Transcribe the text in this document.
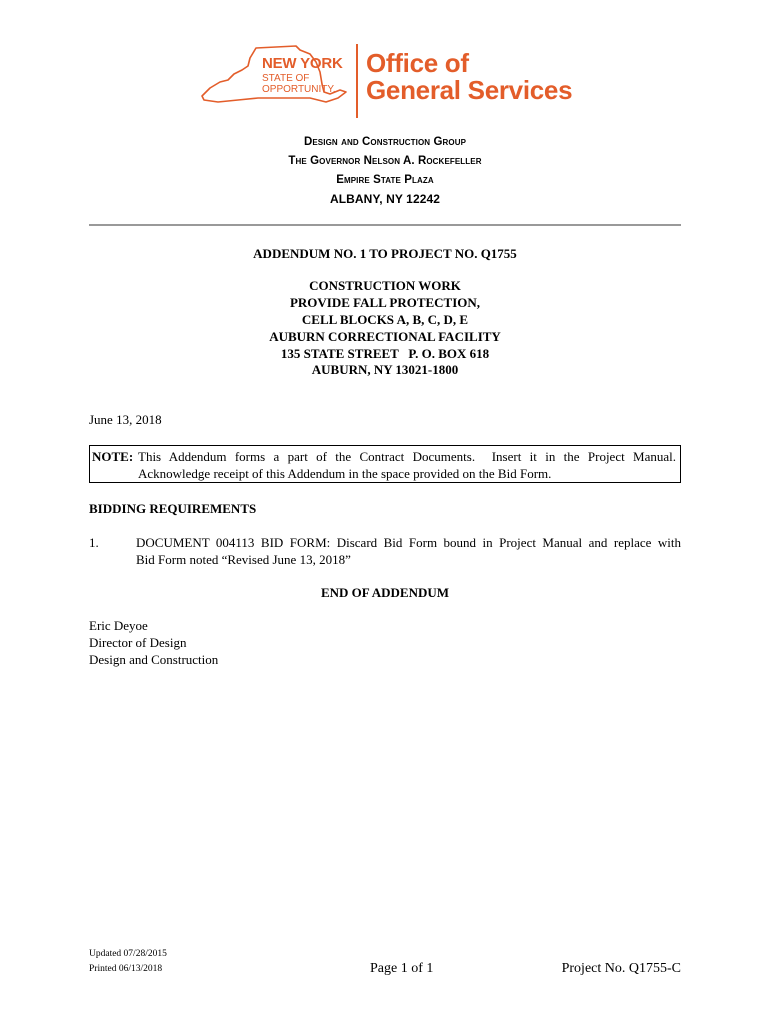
NEW YORK
STATE OF
OPPORTUNITY.
Office of
General Services
Design and Construction Group
The Governor Nelson A. Rockefeller
Empire State Plaza
ALBANY, NY 12242
ADDENDUM NO. 1 TO PROJECT NO. Q1755
CONSTRUCTION WORK
PROVIDE FALL PROTECTION,
CELL BLOCKS A, B, C, D, E
AUBURN CORRECTIONAL FACILITY
135 STATE STREET   P. O. BOX 618
AUBURN, NY 13021-1800
June 13, 2018
NOTE: This Addendum forms a part of the Contract Documents.  Insert it in the Project Manual.
Acknowledge receipt of this Addendum in the space provided on the Bid Form.
BIDDING REQUIREMENTS
1.	DOCUMENT 004113 BID FORM: Discard Bid Form bound in Project Manual and replace with
Bid Form noted “Revised June 13, 2018”
END OF ADDENDUM
Eric Deyoe
Director of Design
Design and Construction
Updated 07/28/2015
Printed 06/13/2018	Page 1 of 1	Project No. Q1755-C
